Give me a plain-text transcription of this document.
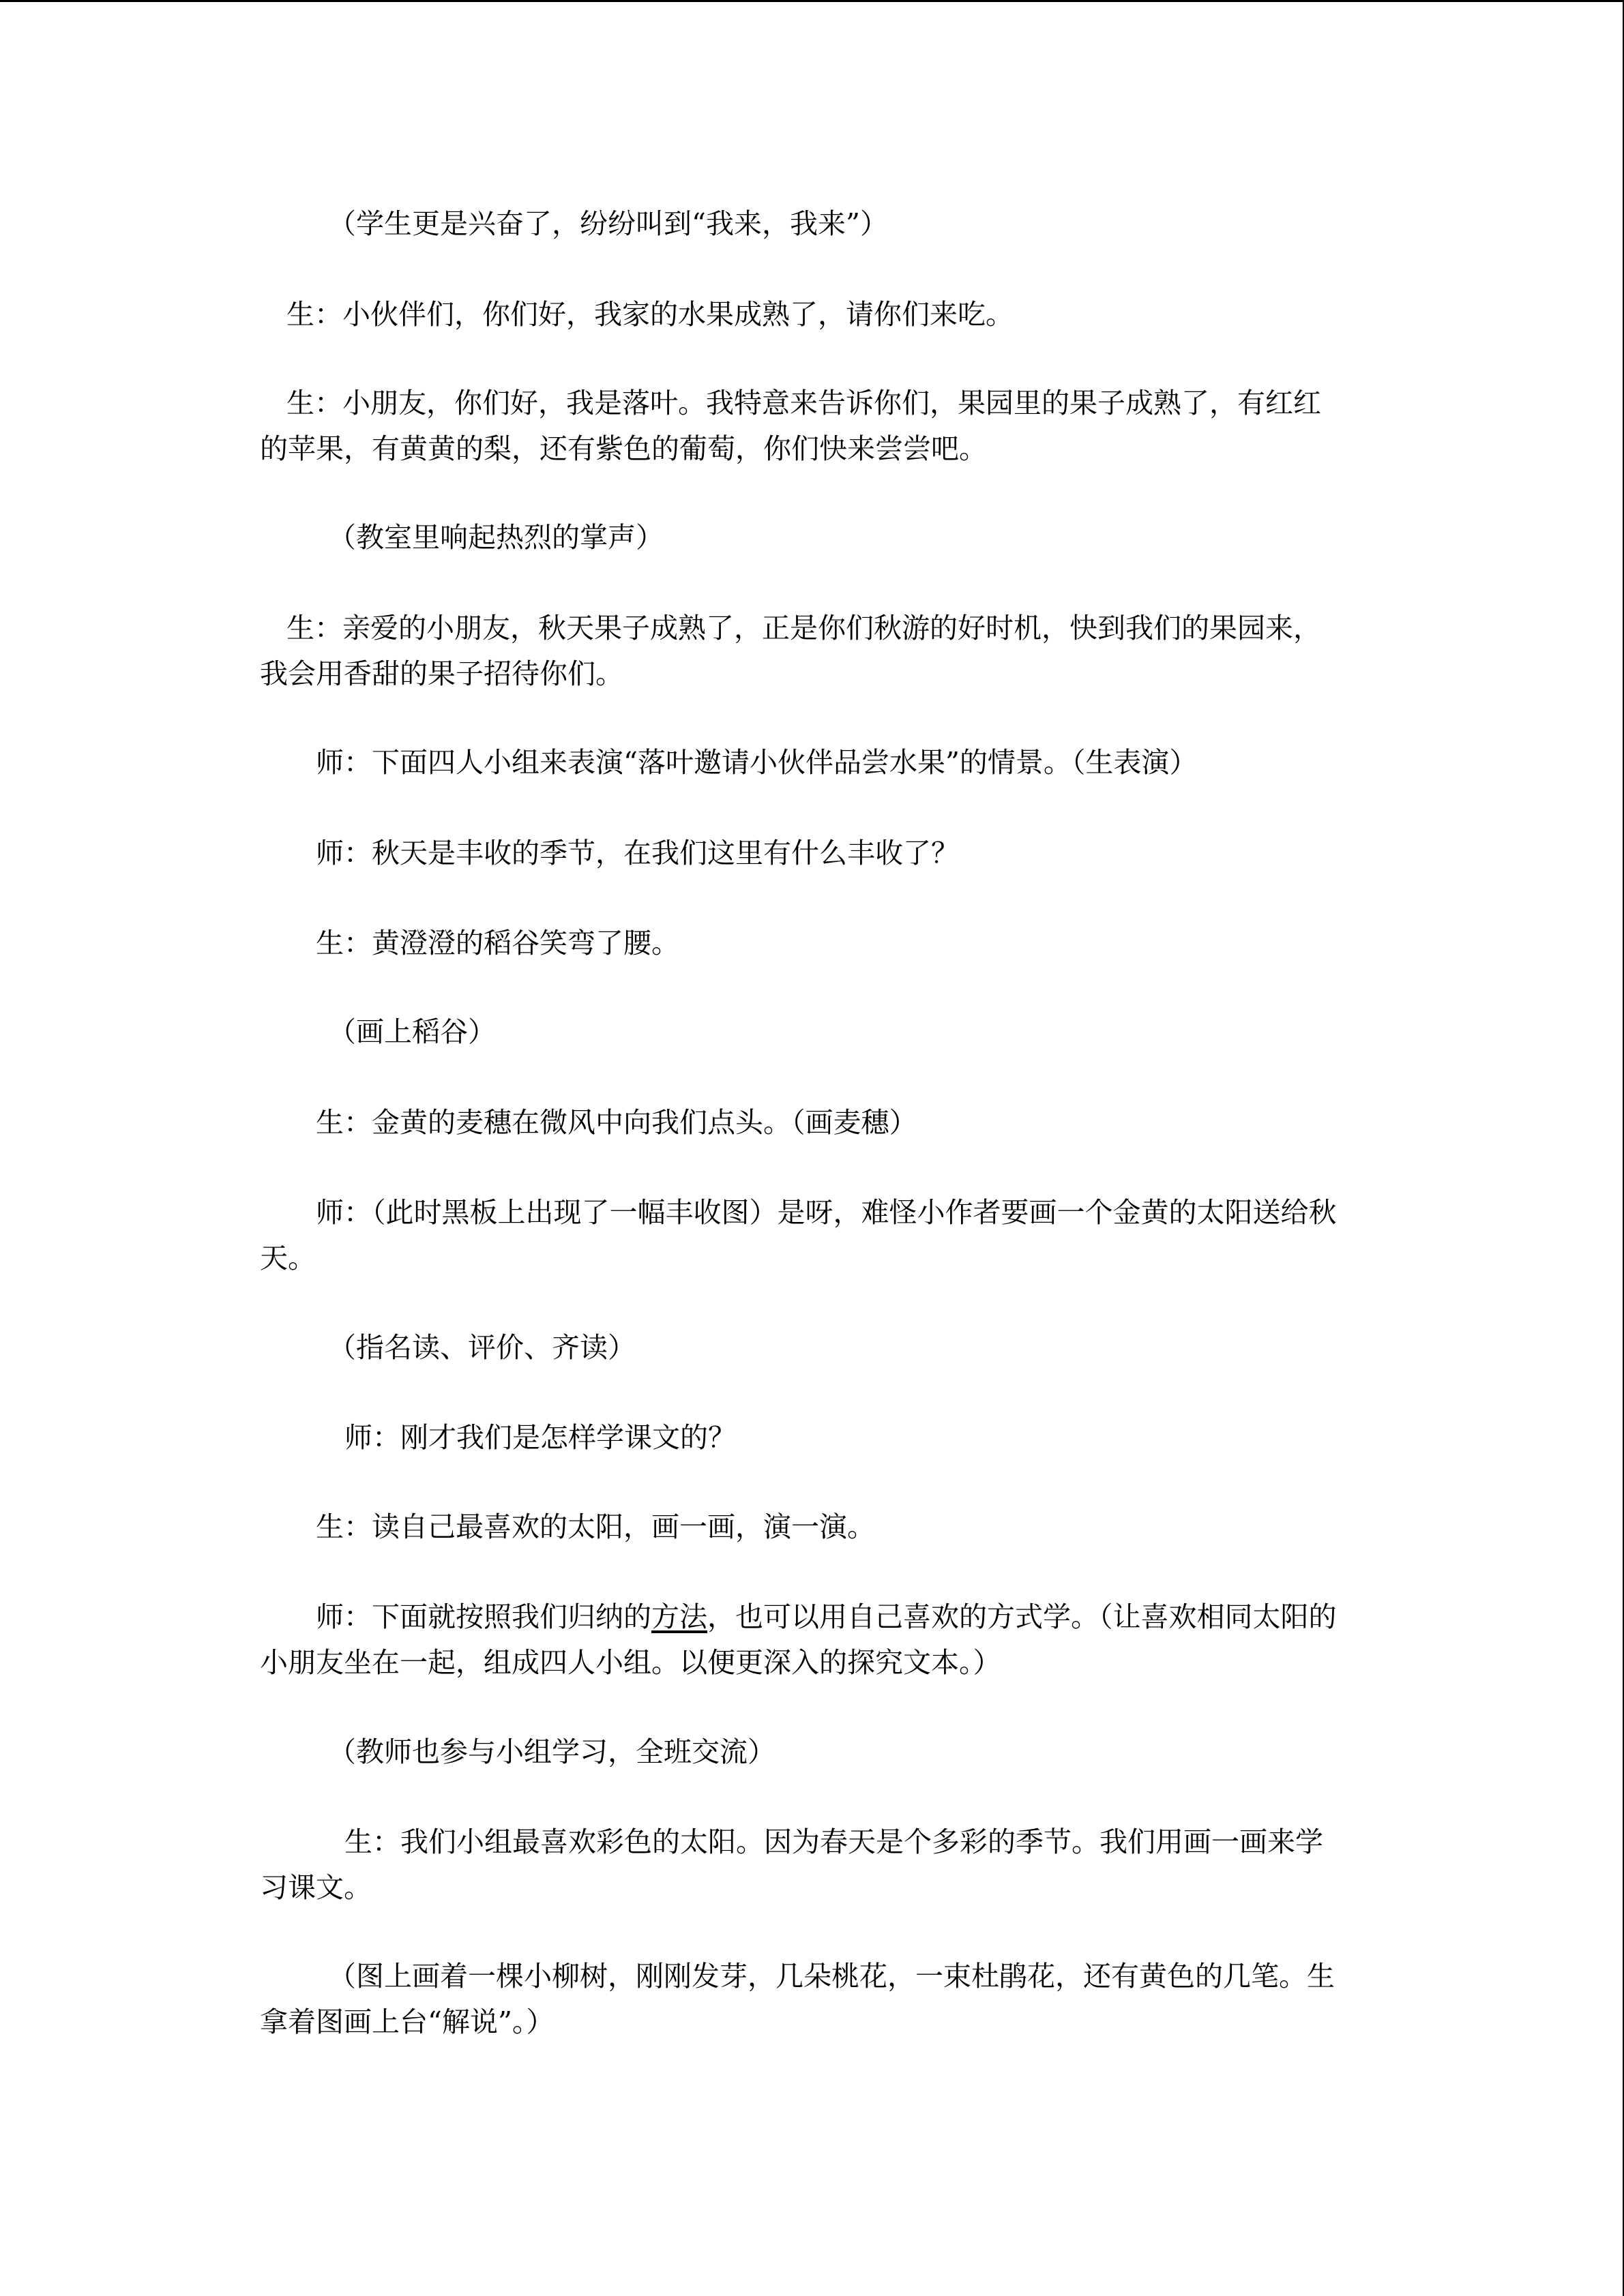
（学生更是兴奋了，纷纷叫到“我来，我来”）

生：小伙伴们，你们好，我家的水果成熟了，请你们来吃。

生：小朋友，你们好，我是落叶。我特意来告诉你们，果园里的果子成熟了，有红红的苹果，有黄黄的梨，还有紫色的葡萄，你们快来尝尝吧。

（教室里响起热烈的掌声）

生：亲爱的小朋友，秋天果子成熟了，正是你们秋游的好时机，快到我们的果园来，我会用香甜的果子招待你们。

师：下面四人小组来表演“落叶邀请小伙伴品尝水果”的情景。（生表演）

师：秋天是丰收的季节，在我们这里有什么丰收了？

生：黄澄澄的稻谷笑弯了腰。

（画上稻谷）

生：金黄的麦穗在微风中向我们点头。（画麦穗）

师：（此时黑板上出现了一幅丰收图）是呀，难怪小作者要画一个金黄的太阳送给秋天。

（指名读、评价、齐读）

师：刚才我们是怎样学课文的？

生：读自己最喜欢的太阳，画一画，演一演。

师：下面就按照我们归纳的方法，也可以用自己喜欢的方式学。（让喜欢相同太阳的小朋友坐在一起，组成四人小组。以便更深入的探究文本。）

（教师也参与小组学习，全班交流）

生：我们小组最喜欢彩色的太阳。因为春天是个多彩的季节。我们用画一画来学习课文。

（图上画着一棵小柳树，刚刚发芽，几朵桃花，一束杜鹃花，还有黄色的几笔。生拿着图画上台“解说”。）
